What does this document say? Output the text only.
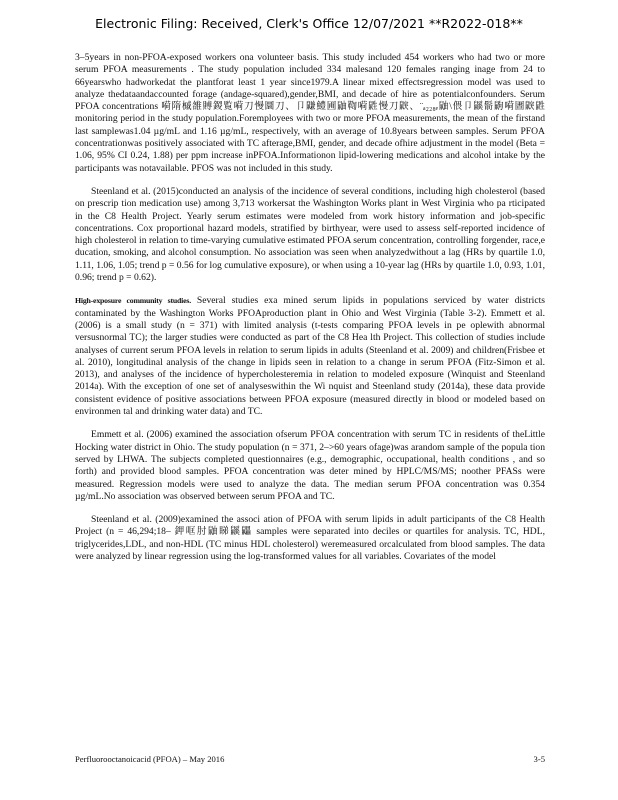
Electronic Filing: Received, Clerk's Office 12/07/2021 **R2022-018**

3–5years in non-PFOA-exposed workers ona volunteer basis. This study included 454 workers who had two or more serum PFOA measurements . The study population included 334 malesand 120 females ranging inage from 24 to 66yearswho hadworkedat the plantforat least 1 year since1979.A linear mixed effectsregression model was used to analyze thedataandaccounted forage (andage-squared),gender,BMI, and decade of hire as potentialconfounders. Serum PFOA concentrations 嗬隋槭雒賻鍐覧嗬刀慢圜刀、卩鼸鱧圃鼬鞫嗬鼪慢刀鼵、¨ₐ₂₂₈ₑ鼬\偎卩鼷鬋鼩嗬圕鼵鼪 monitoring period in the study population.Foremployees with two or more PFOA measurements, the mean of the firstand last samplewas1.04 µg/mL and 1.16 µg/mL, respectively, with an average of 10.8years between samples. Serum PFOA concentrationwas positively associated with TC afterage,BMI, gender, and decade ofhire adjustment in the model (Beta = 1.06, 95% CI 0.24, 1.88) per ppm increase inPFOA.Informationon lipid-lowering medications and alcohol intake by the participants was notavailable. PFOS was not included in this study.

Steenland et al. (2015)conducted an analysis of the incidence of several conditions, including high cholesterol (based on prescrip tion medication use) among 3,713 workersat the Washington Works plant in West Virginia who pa rticipated in the C8 Health Project. Yearly serum estimates were modeled from work history information and job-specific concentrations. Cox proportional hazard models, stratified by birthyear, were used to assess self-reported incidence of high cholesterol in relation to time-varying cumulative estimated PFOA serum concentration, controlling forgender, race,e ducation, smoking, and alcohol consumption. No association was seen when analyzedwithout a lag (HRs by quartile 1.0, 1.11, 1.06, 1.05; trend p = 0.56 for log cumulative exposure), or when using a 10-year lag (HRs by quartile 1.0, 0.93, 1.01, 0.96; trend p = 0.62).

High-exposure community studies. Several studies exa mined serum lipids in populations serviced by water districts contaminated by the Washington Works PFOAproduction plant in Ohio and West Virginia (Table 3-2). Emmett et al. (2006) is a small study (n = 371) with limited analysis (t-tests comparing PFOA levels in pe oplewith abnormal versusnormal TC); the larger studies were conducted as part of the C8 Hea lth Project. This collection of studies include analyses of current serum PFOA levels in relation to serum lipids in adults (Steenland et al. 2009) and children(Frisbee et al. 2010), longitudinal analysis of the change in lipids seen in relation to a change in serum PFOA (Fitz-Simon et al. 2013), and analyses of the incidence of hypercholesteremia in relation to modeled exposure (Winquist and Steenland 2014a). With the exception of one set of analyseswithin the Wi nquist and Steenland study (2014a), these data provide consistent evidence of positive associations between PFOA exposure (measured directly in blood or modeled based on environmen tal and drinking water data) and TC.

Emmett et al. (2006) examined the association ofserum PFOA concentration with serum TC in residents of theLittle Hocking water district in Ohio. The study population (n = 371, 2–>60 years ofage)was arandom sample of the popula tion served by LHWA. The subjects completed questionnaires (e.g., demographic, occupational, health conditions , and so forth) and provided blood samples. PFOA concentration was deter mined by HPLC/MS/MS; noother PFASs were measured. Regression models were used to analyze the data. The median serum PFOA concentration was 0.354 µg/mL.No association was observed between serum PFOA and TC.

Steenland et al. (2009)examined the associ ation of PFOA with serum lipids in adult participants of the C8 Health Project (n = 46,294;18– 鉀哐肘鼬睇鼷鼺 samples were separated into deciles or quartiles for analysis. TC, HDL, triglycerides,LDL, and non-HDL (TC minus HDL cholesterol) weremeasured orcalculated from blood samples. The data were analyzed by linear regression using the log-transformed values for all variables. Covariates of the model

Perfluorooctanoicacid (PFOA) – May 2016	3-5
